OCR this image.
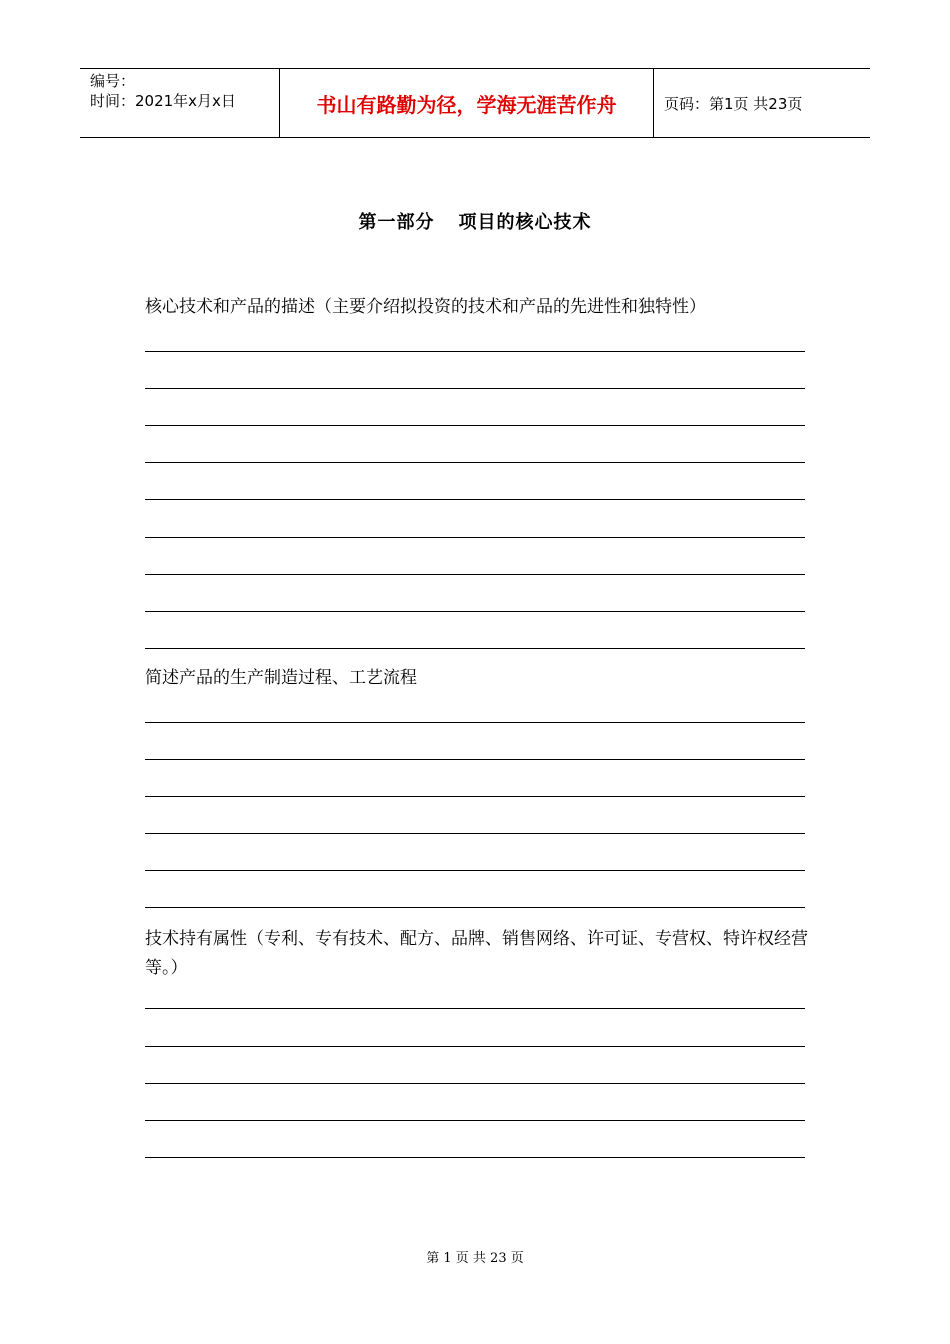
编号：
时间：2021年x月x日	书山有路勤为径，学海无涯苦作舟	页码：第1页 共23页
第一部分 项目的核心技术
核心技术和产品的描述（主要介绍拟投资的技术和产品的先进性和独特性）
简述产品的生产制造过程、工艺流程
技术持有属性（专利、专有技术、配方、品牌、销售网络、许可证、专营权、特许权经营等。）
第 1 页 共 23 页
